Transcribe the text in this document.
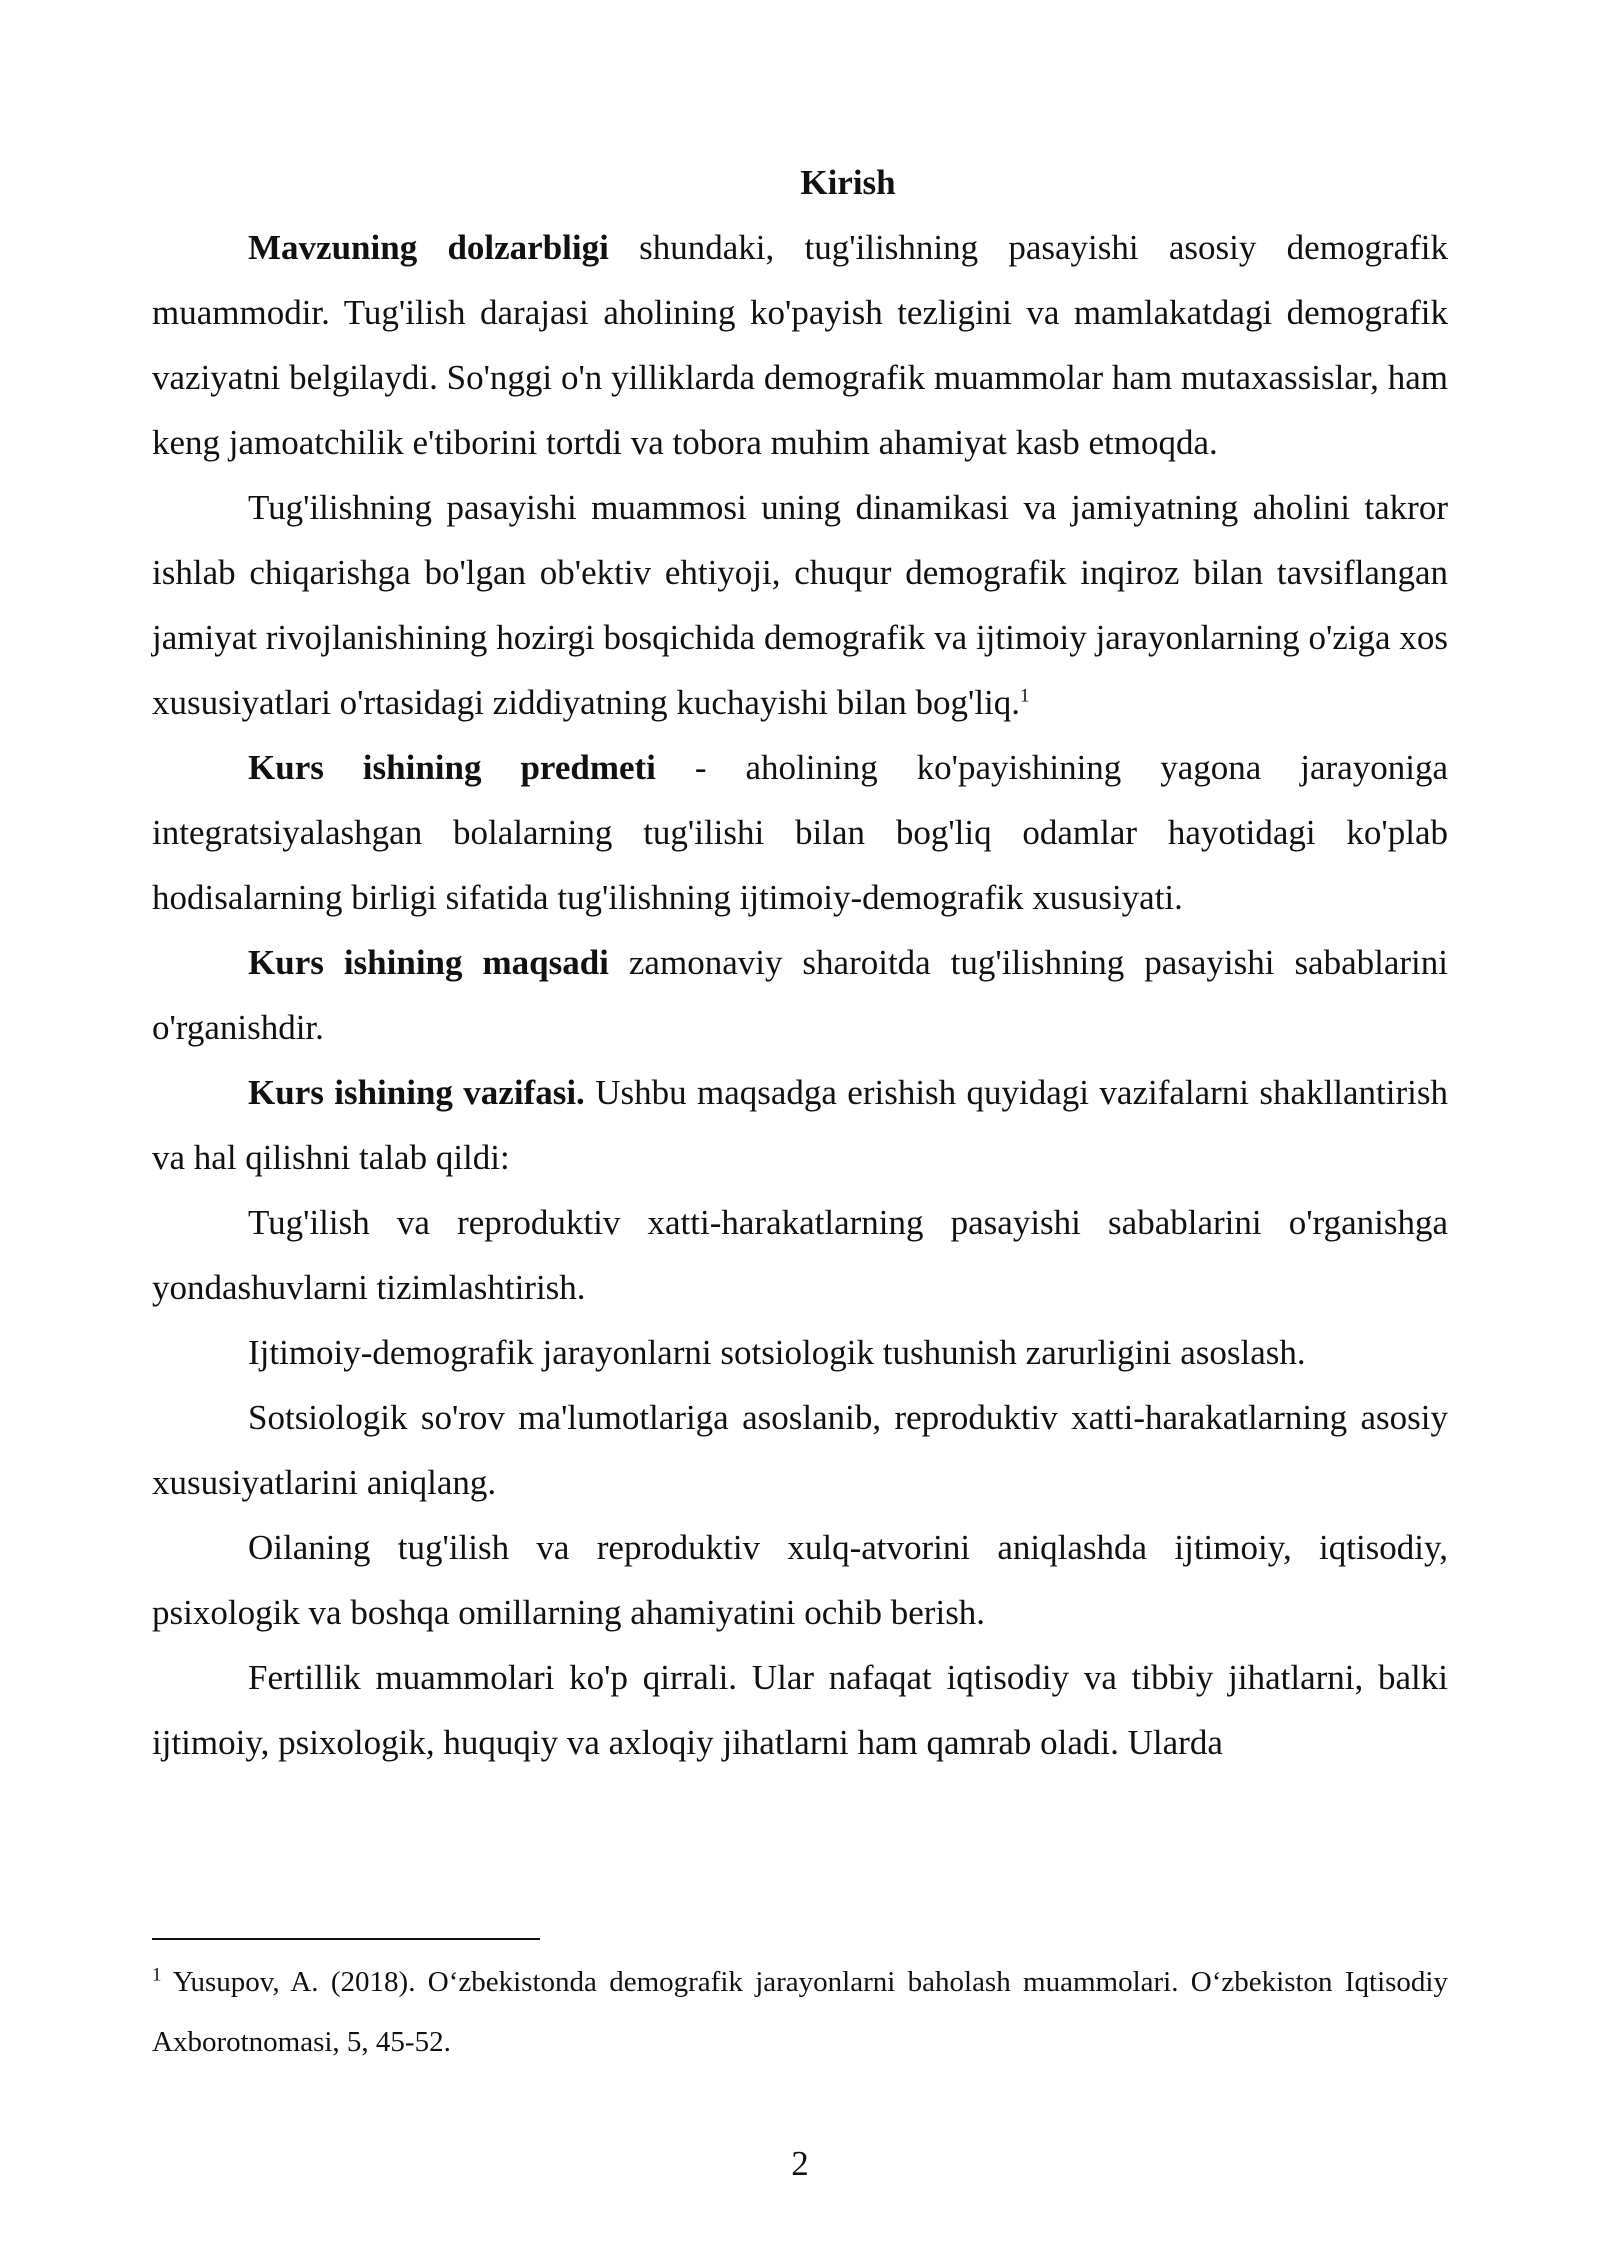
Kirish

Mavzuning dolzarbligi shundaki, tug'ilishning pasayishi asosiy demografik muammodir. Tug'ilish darajasi aholining ko'payish tezligini va mamlakatdagi demografik vaziyatni belgilaydi. So'nggi o'n yilliklarda demografik muammolar ham mutaxassislar, ham keng jamoatchilik e'tiborini tortdi va tobora muhim ahamiyat kasb etmoqda.

Tug'ilishning pasayishi muammosi uning dinamikasi va jamiyatning aholini takror ishlab chiqarishga bo'lgan ob'ektiv ehtiyoji, chuqur demografik inqiroz bilan tavsiflangan jamiyat rivojlanishining hozirgi bosqichida demografik va ijtimoiy jarayonlarning o'ziga xos xususiyatlari o'rtasidagi ziddiyatning kuchayishi bilan bog'liq.$^1$

Kurs ishining predmeti - aholining ko'payishining yagona jarayoniga integratsiyalashgan bolalarning tug'ilishi bilan bog'liq odamlar hayotidagi ko'plab hodisalarning birligi sifatida tug'ilishning ijtimoiy-demografik xususiyati.

Kurs ishining maqsadi zamonaviy sharoitda tug'ilishning pasayishi sabablarini o'rganishdir.

Kurs ishining vazifasi. Ushbu maqsadga erishish quyidagi vazifalarni shakllantirish va hal qilishni talab qildi:

Tug'ilish va reproduktiv xatti-harakatlarning pasayishi sabablarini o'rganishga yondashuvlarni tizimlashtirish.

Ijtimoiy-demografik jarayonlarni sotsiologik tushunish zarurligini asoslash.

Sotsiologik so'rov ma'lumotlariga asoslanib, reproduktiv xatti-harakatlarning asosiy xususiyatlarini aniqlang.

Oilaning tug'ilish va reproduktiv xulq-atvorini aniqlashda ijtimoiy, iqtisodiy, psixologik va boshqa omillarning ahamiyatini ochib berish.

Fertillik muammolari ko'p qirrali. Ular nafaqat iqtisodiy va tibbiy jihatlarni, balki ijtimoiy, psixologik, huquqiy va axloqiy jihatlarni ham qamrab oladi. Ularda

$^1$ Yusupov, A. (2018). O‘zbekistonda demografik jarayonlarni baholash muammolari. O‘zbekiston Iqtisodiy Axborotnomasi, 5, 45-52.

2
